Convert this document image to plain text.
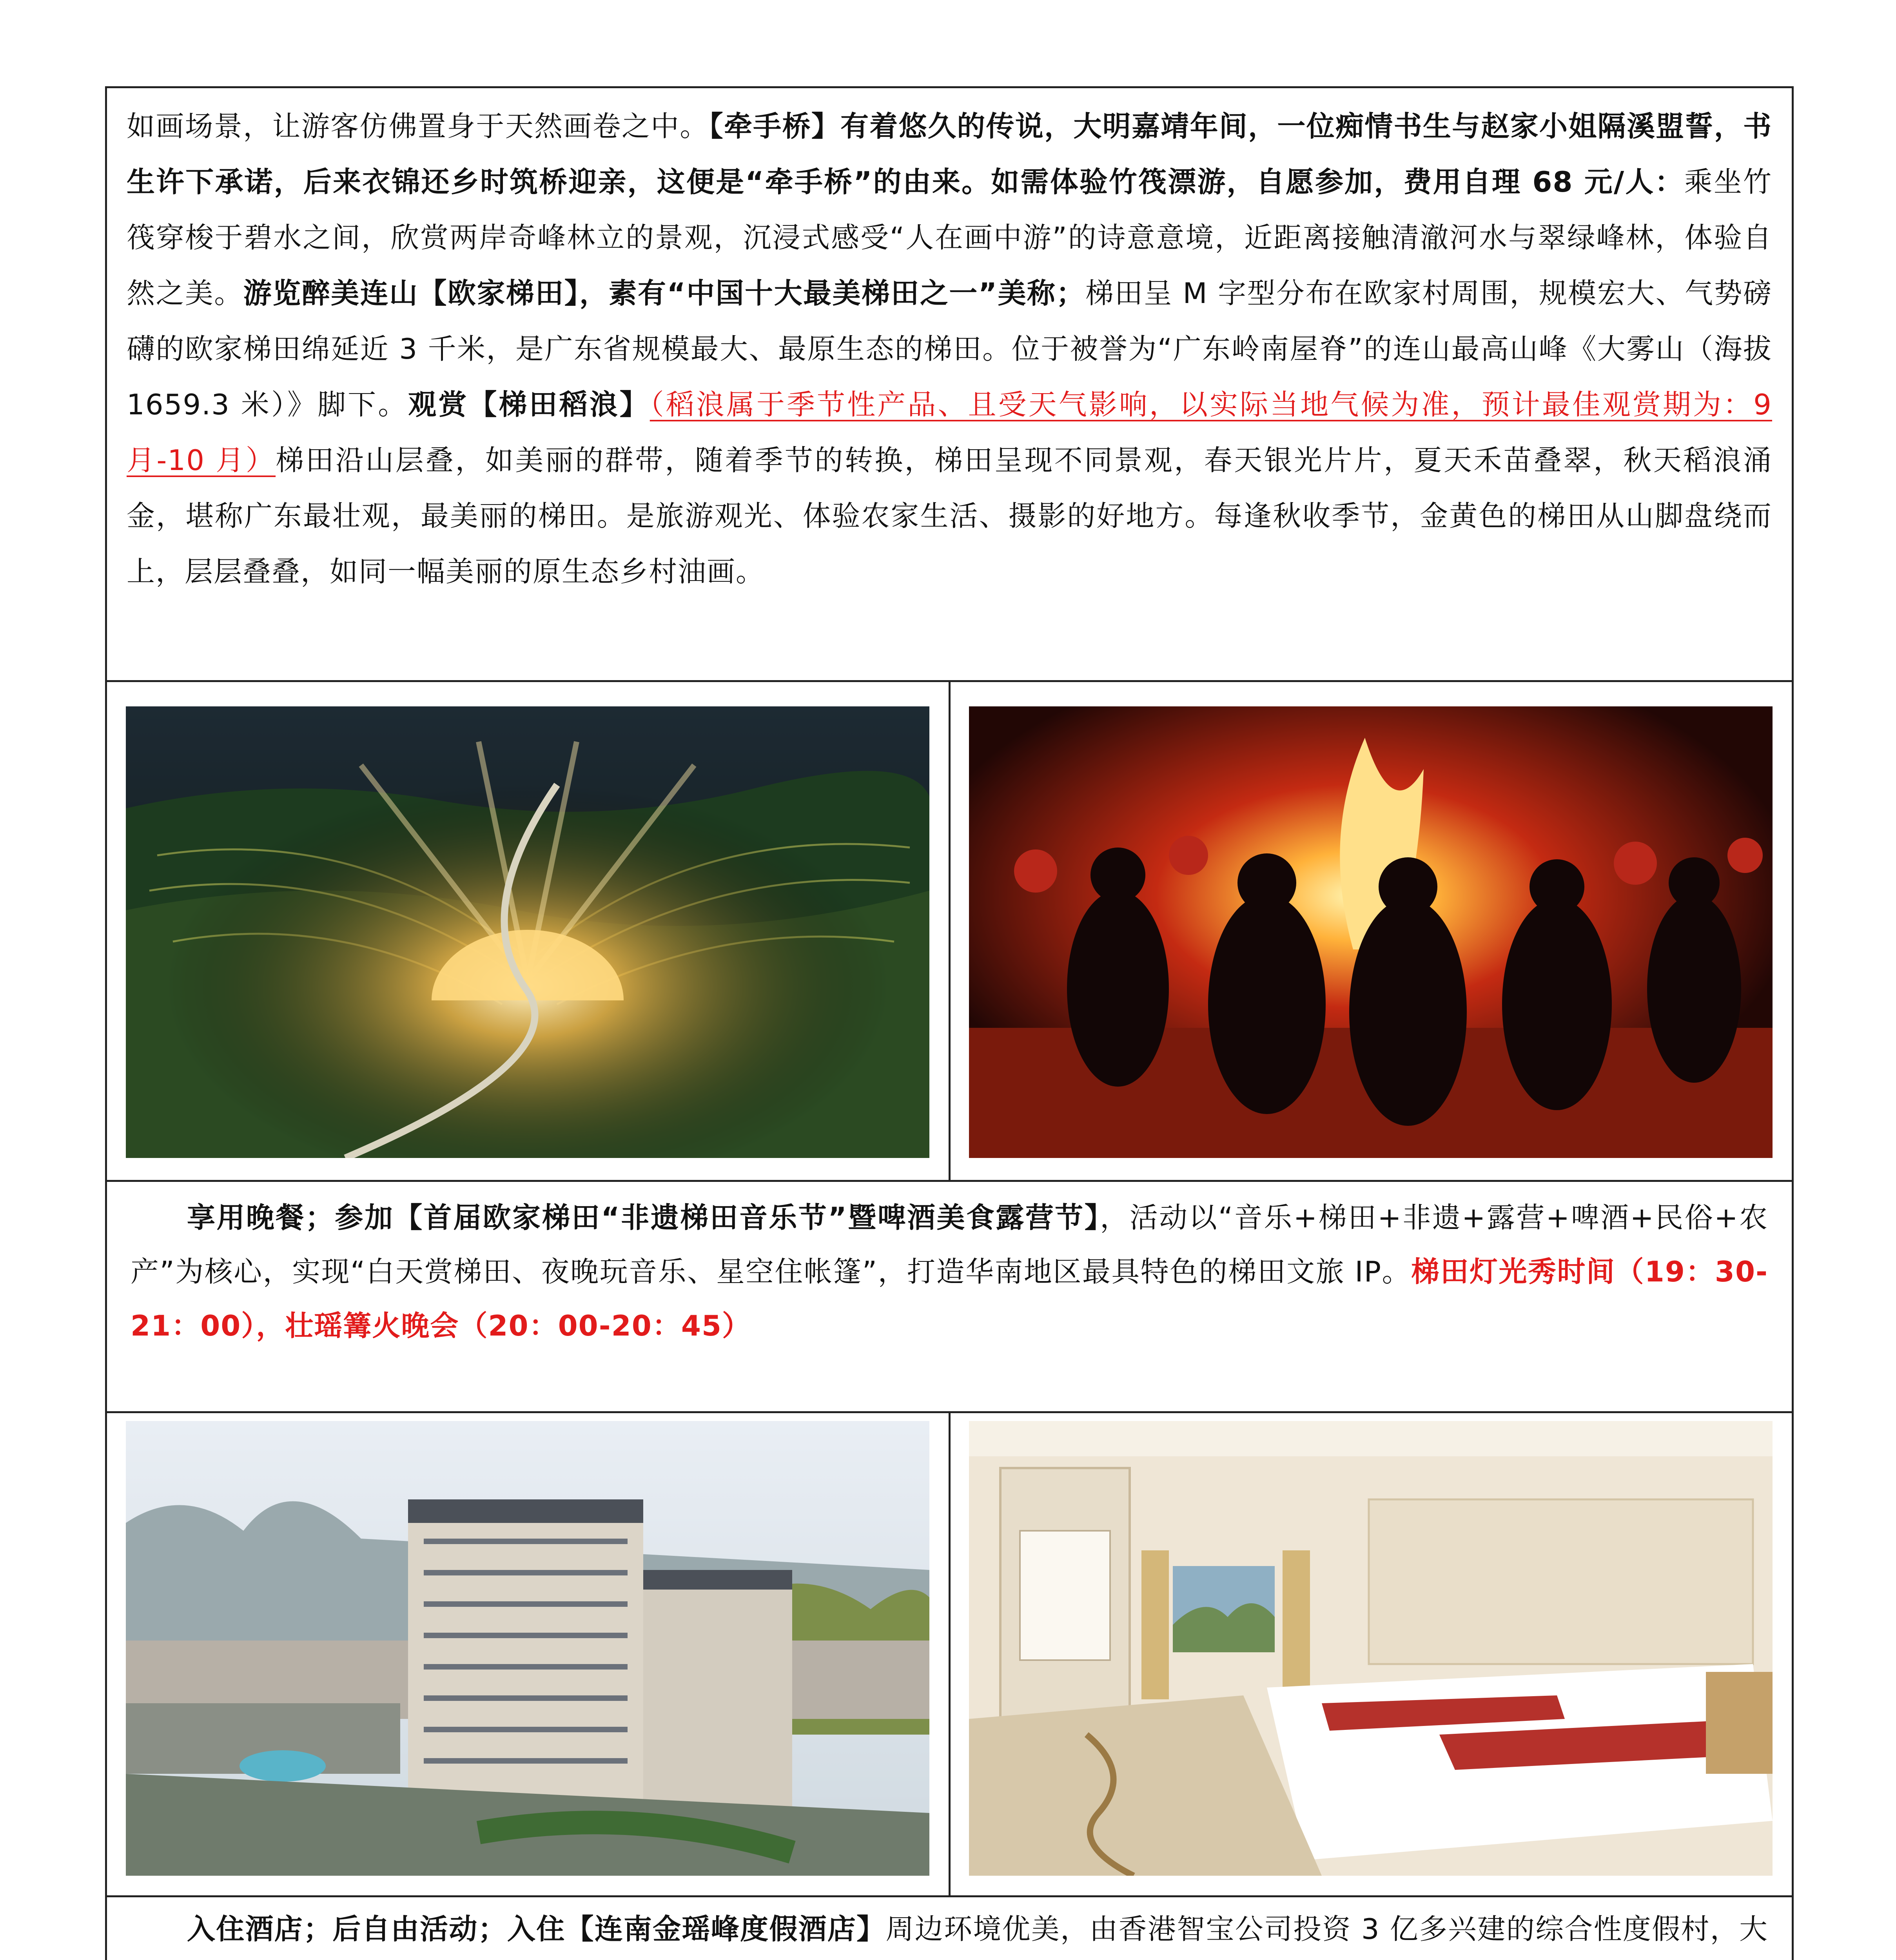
如画场景，让游客仿佛置身于天然画卷之中。【牵手桥】有着悠久的传说，大明嘉靖年间，一位痴情书生与赵家小姐隔溪盟誓，书生许下承诺，后来衣锦还乡时筑桥迎亲，这便是“牵手桥”的由来。如需体验竹筏漂游，自愿参加，费用自理 68 元/人：乘坐竹筏穿梭于碧水之间，欣赏两岸奇峰林立的景观，沉浸式感受“人在画中游”的诗意意境，近距离接触清澈河水与翠绿峰林，体验自然之美。游览醉美连山【欧家梯田】，素有“中国十大最美梯田之一”美称；梯田呈 M 字型分布在欧家村周围，规模宏大、气势磅礴的欧家梯田绵延近 3 千米，是广东省规模最大、最原生态的梯田。位于被誉为“广东岭南屋脊”的连山最高山峰《大雾山（海拔 1659.3 米）》脚下。观赏【梯田稻浪】（稻浪属于季节性产品、且受天气影响，以实际当地气候为准，预计最佳观赏期为：9 月-10 月）梯田沿山层叠，如美丽的群带，随着季节的转换，梯田呈现不同景观，春天银光片片，夏天禾苗叠翠，秋天稻浪涌金，堪称广东最壮观，最美丽的梯田。是旅游观光、体验农家生活、摄影的好地方。每逢秋收季节，金黄色的梯田从山脚盘绕而上，层层叠叠，如同一幅美丽的原生态乡村油画。
享用晚餐；参加【首届欧家梯田“非遗梯田音乐节”暨啤酒美食露营节】，活动以“音乐+梯田+非遗+露营+啤酒+民俗+农产”为核心，实现“白天赏梯田、夜晚玩音乐、星空住帐篷”，打造华南地区最具特色的梯田文旅 IP。梯田灯光秀时间（19：30-21：00），壮瑶篝火晚会（20：00-20：45）
入住酒店；后自由活动；入住【连南金瑶峰度假酒店】周边环境优美，由香港智宝公司投资 3 亿多兴建的综合性度假村，大
